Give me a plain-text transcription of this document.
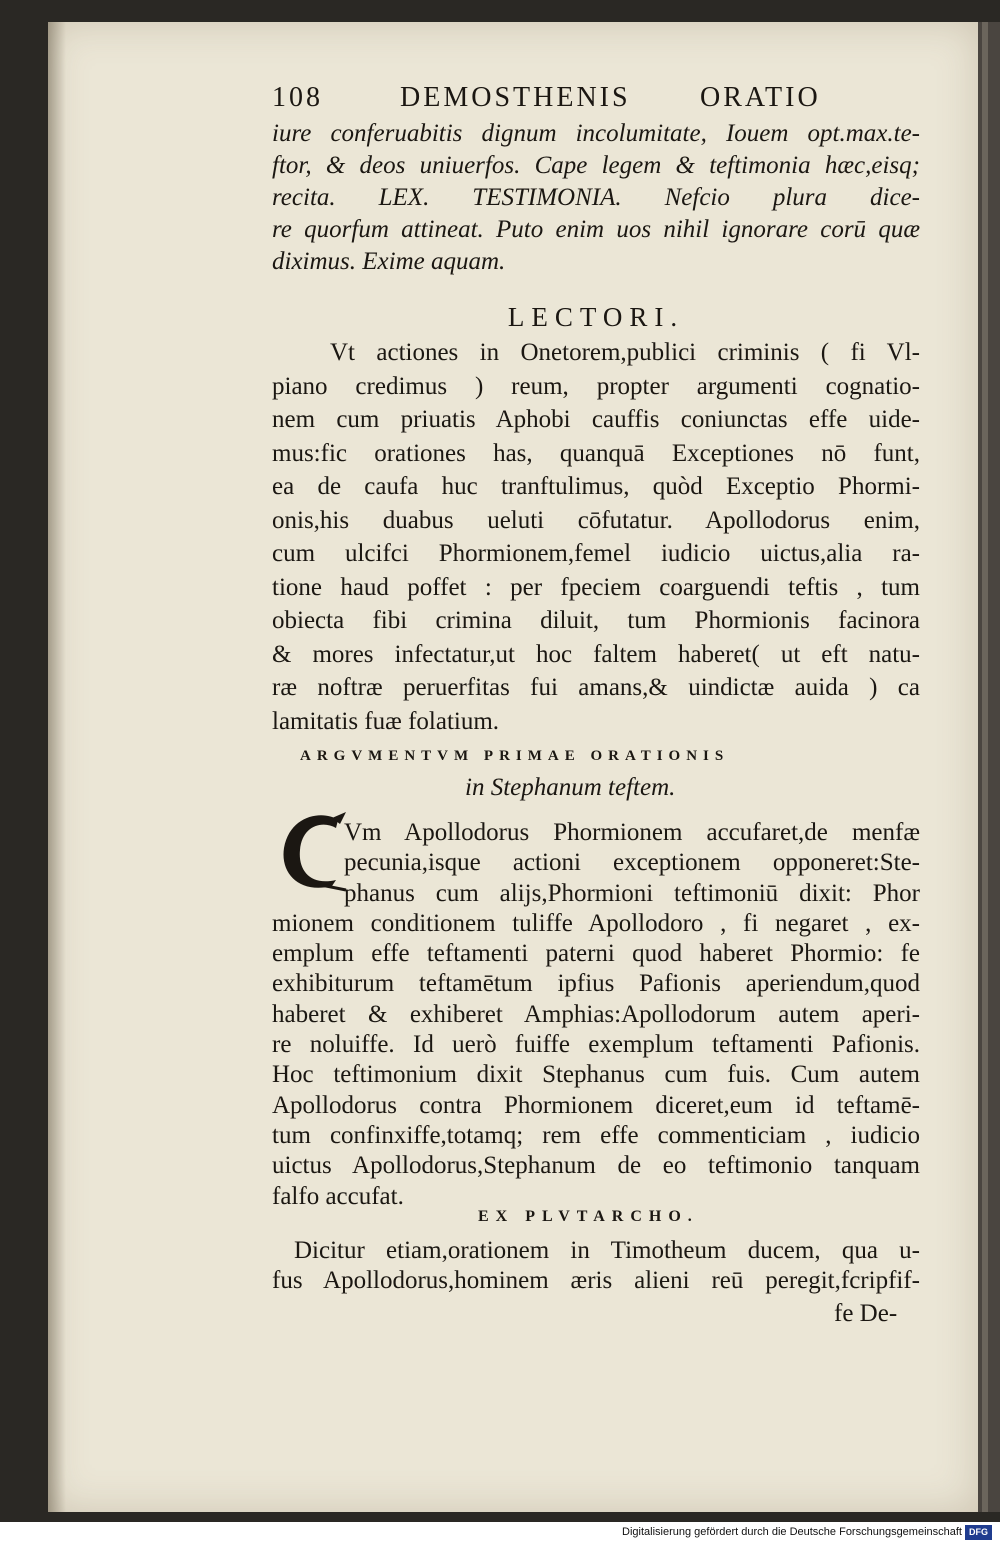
108	DEMOSTHENIS ORATIO
iure conferuabitis dignum incolumitate, Iouem opt.max.te-
ftor, & deos uniuerfos. Cape legem & teftimonia hæc,eisq;
recita. LEX. TESTIMONIA. Nefcio plura dice-
re quorfum attineat. Puto enim uos nihil ignorare corū quæ
diximus. Exime aquam.
LECTORI.
Vt actiones in Onetorem,publici criminis ( fi Vl-
piano credimus ) reum, propter argumenti cognatio-
nem cum priuatis Aphobi cauffis coniunctas effe uide-
mus:fic orationes has, quanquā Exceptiones nō funt,
ea de caufa huc tranftulimus, quòd Exceptio Phormi-
onis,his duabus ueluti cōfutatur. Apollodorus enim,
cum ulcifci Phormionem,femel iudicio uictus,alia ra-
tione haud poffet : per fpeciem coarguendi teftis , tum
obiecta fibi crimina diluit, tum Phormionis facinora
& mores infectatur,ut hoc faltem haberet( ut eft natu-
ræ noftræ peruerfitas fui amans,& uindictæ auida ) ca
lamitatis fuæ folatium.
ARGVMENTVM PRIMAE ORATIONIS
in Stephanum teftem.
Vm Apollodorus Phormionem accufaret,de menfæ
pecunia,isque actioni exceptionem opponeret:Ste-
phanus cum alijs,Phormioni teftimoniū dixit: Phor
mionem conditionem tuliffe Apollodoro , fi negaret , ex-
emplum effe teftamenti paterni quod haberet Phormio: fe
exhibiturum teftamētum ipfius Pafionis aperiendum,quod
haberet & exhiberet Amphias:Apollodorum autem aperi-
re noluiffe. Id uerò fuiffe exemplum teftamenti Pafionis.
Hoc teftimonium dixit Stephanus cum fuis. Cum autem
Apollodorus contra Phormionem diceret,eum id teftamē-
tum confinxiffe,totamq; rem effe commenticiam , iudicio
uictus Apollodorus,Stephanum de eo teftimonio tanquam
falfo accufat.
EX PLVTARCHO.
Dicitur etiam,orationem in Timotheum ducem, qua u-
fus Apollodorus,hominem æris alieni reū peregit,fcripfif-
fe De-
Digitalisierung gefördert durch die Deutsche Forschungsgemeinschaft DFG
